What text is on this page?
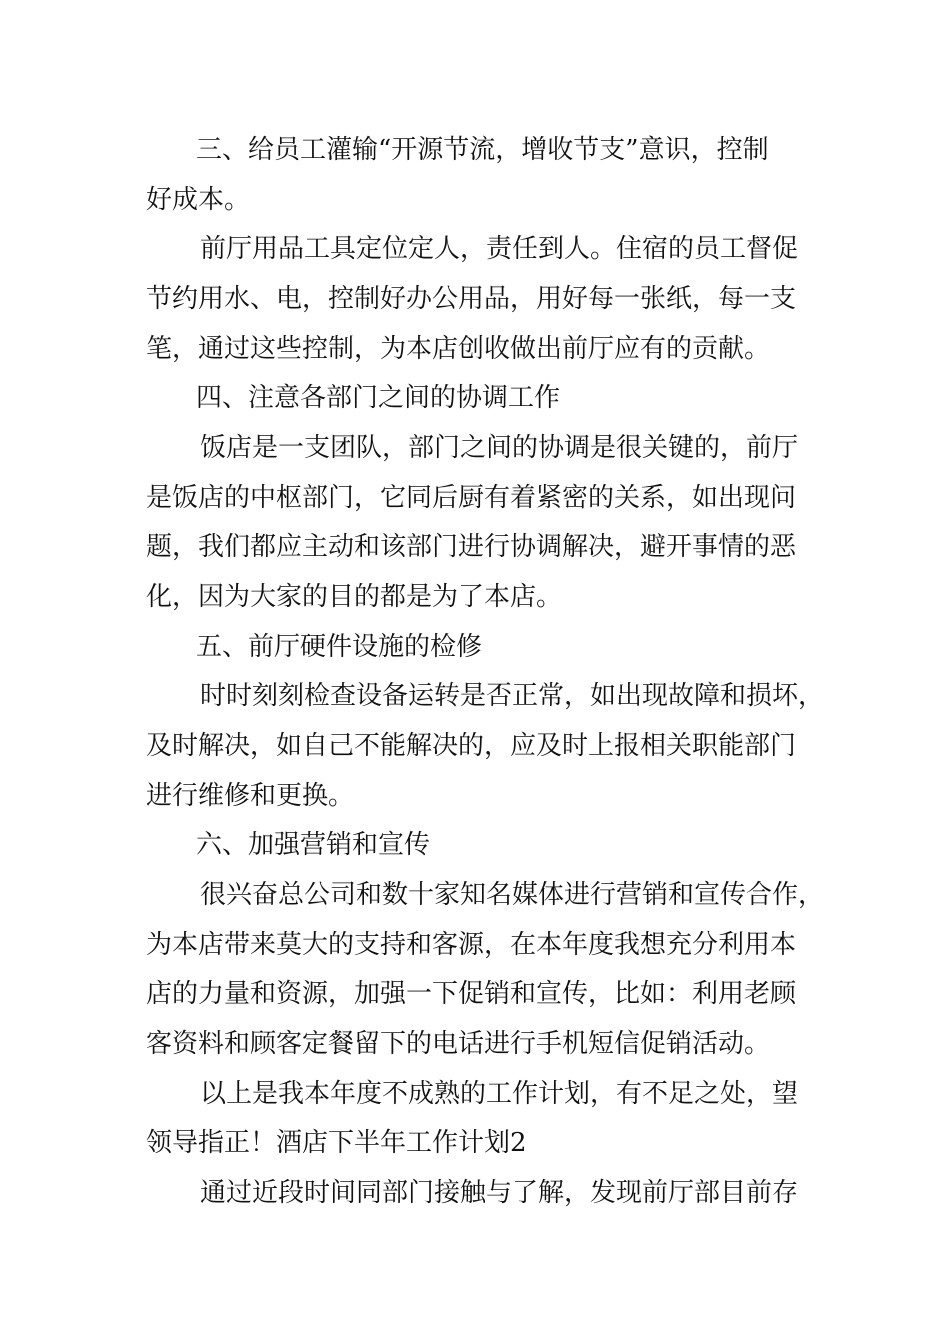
三、给员工灌输“开源节流，增收节支”意识，控制
好成本。
前厅用品工具定位定人，责任到人。住宿的员工督促
节约用水、电，控制好办公用品，用好每一张纸，每一支
笔，通过这些控制，为本店创收做出前厅应有的贡献。
四、注意各部门之间的协调工作
饭店是一支团队，部门之间的协调是很关键的，前厅
是饭店的中枢部门，它同后厨有着紧密的关系，如出现问
题，我们都应主动和该部门进行协调解决，避开事情的恶
化，因为大家的目的都是为了本店。
五、前厅硬件设施的检修
时时刻刻检查设备运转是否正常，如出现故障和损坏，
及时解决，如自己不能解决的，应及时上报相关职能部门
进行维修和更换。
六、加强营销和宣传
很兴奋总公司和数十家知名媒体进行营销和宣传合作，
为本店带来莫大的支持和客源，在本年度我想充分利用本
店的力量和资源，加强一下促销和宣传，比如：利用老顾
客资料和顾客定餐留下的电话进行手机短信促销活动。
以上是我本年度不成熟的工作计划，有不足之处，望
领导指正！酒店下半年工作计划2
通过近段时间同部门接触与了解，发现前厅部目前存
